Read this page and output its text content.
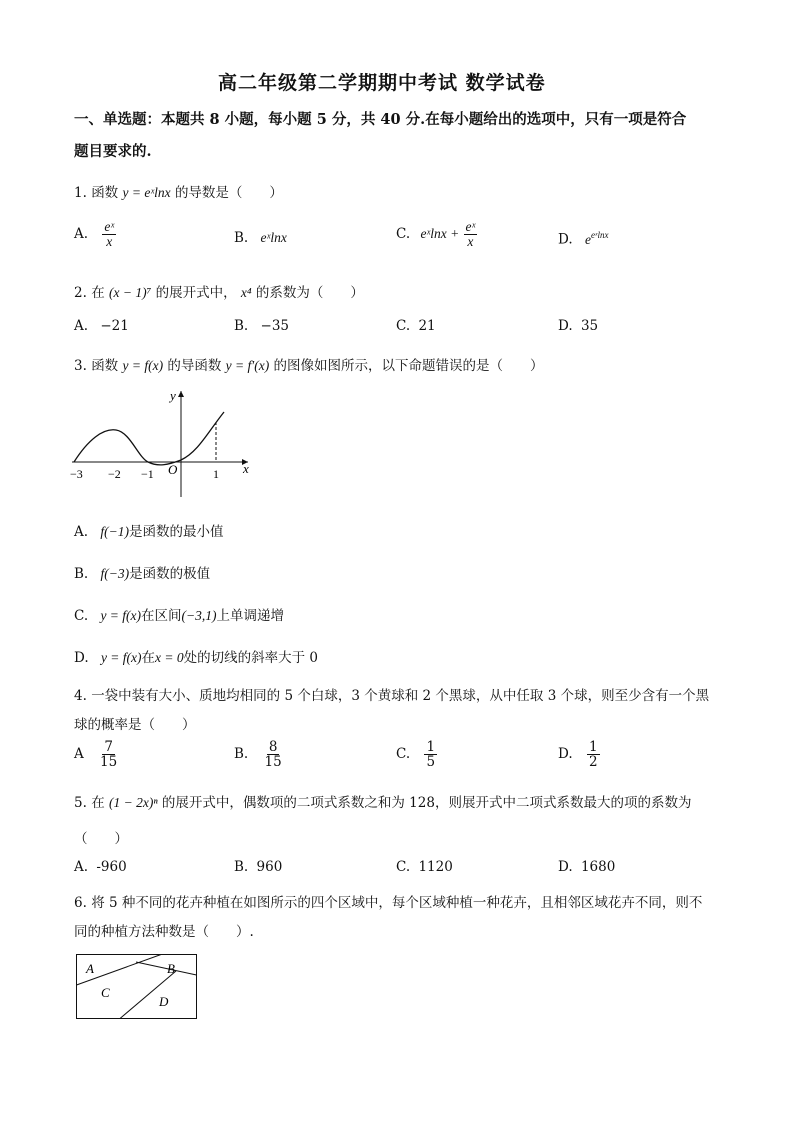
高二年级第二学期期中考试 数学试卷
一、单选题：本题共 8 小题，每小题 5 分，共 40 分.在每小题给出的选项中，只有一项是符合
题目要求的.
1. 函数 y = eˣlnx 的导数是（　　）
A. $\frac{\text{eˣ}}{x}$	B. eˣlnx	C. eˣlnx + $\frac{\text{eˣ}}{x}$	D. $e^{eˣlnx}$
2. 在 (x − 1)⁷ 的展开式中， x⁴ 的系数为（　　）
A. −21	B. −35	C. 21	D. 35
3. 函数 y = f(x) 的导函数 y = f′(x) 的图像如图所示，以下命题错误的是（　　）
y
x
O
−3 −2 −1	1
A. f(−1)是函数的最小值
B. f(−3)是函数的极值
C. y = f(x)在区间(−3,1)上单调递增
D. y = f(x)在x = 0处的切线的斜率大于 0
4. 一袋中装有大小、质地均相同的 5 个白球，3 个黄球和 2 个黑球，从中任取 3 个球，则至少含有一个黑
球的概率是（　　）
A $\frac{7}{15}$	B. $\frac{8}{15}$	C. $\frac{1}{5}$	D. $\frac{1}{2}$
5. 在 (1 − 2x)ⁿ 的展开式中，偶数项的二项式系数之和为 128，则展开式中二项式系数最大的项的系数为
（　　）
A. -960	B. 960	C. 1120	D. 1680
6. 将 5 种不同的花卉种植在如图所示的四个区域中，每个区域种植一种花卉，且相邻区域花卉不同，则不
同的种植方法种数是（　　）.
A	B
C
D
